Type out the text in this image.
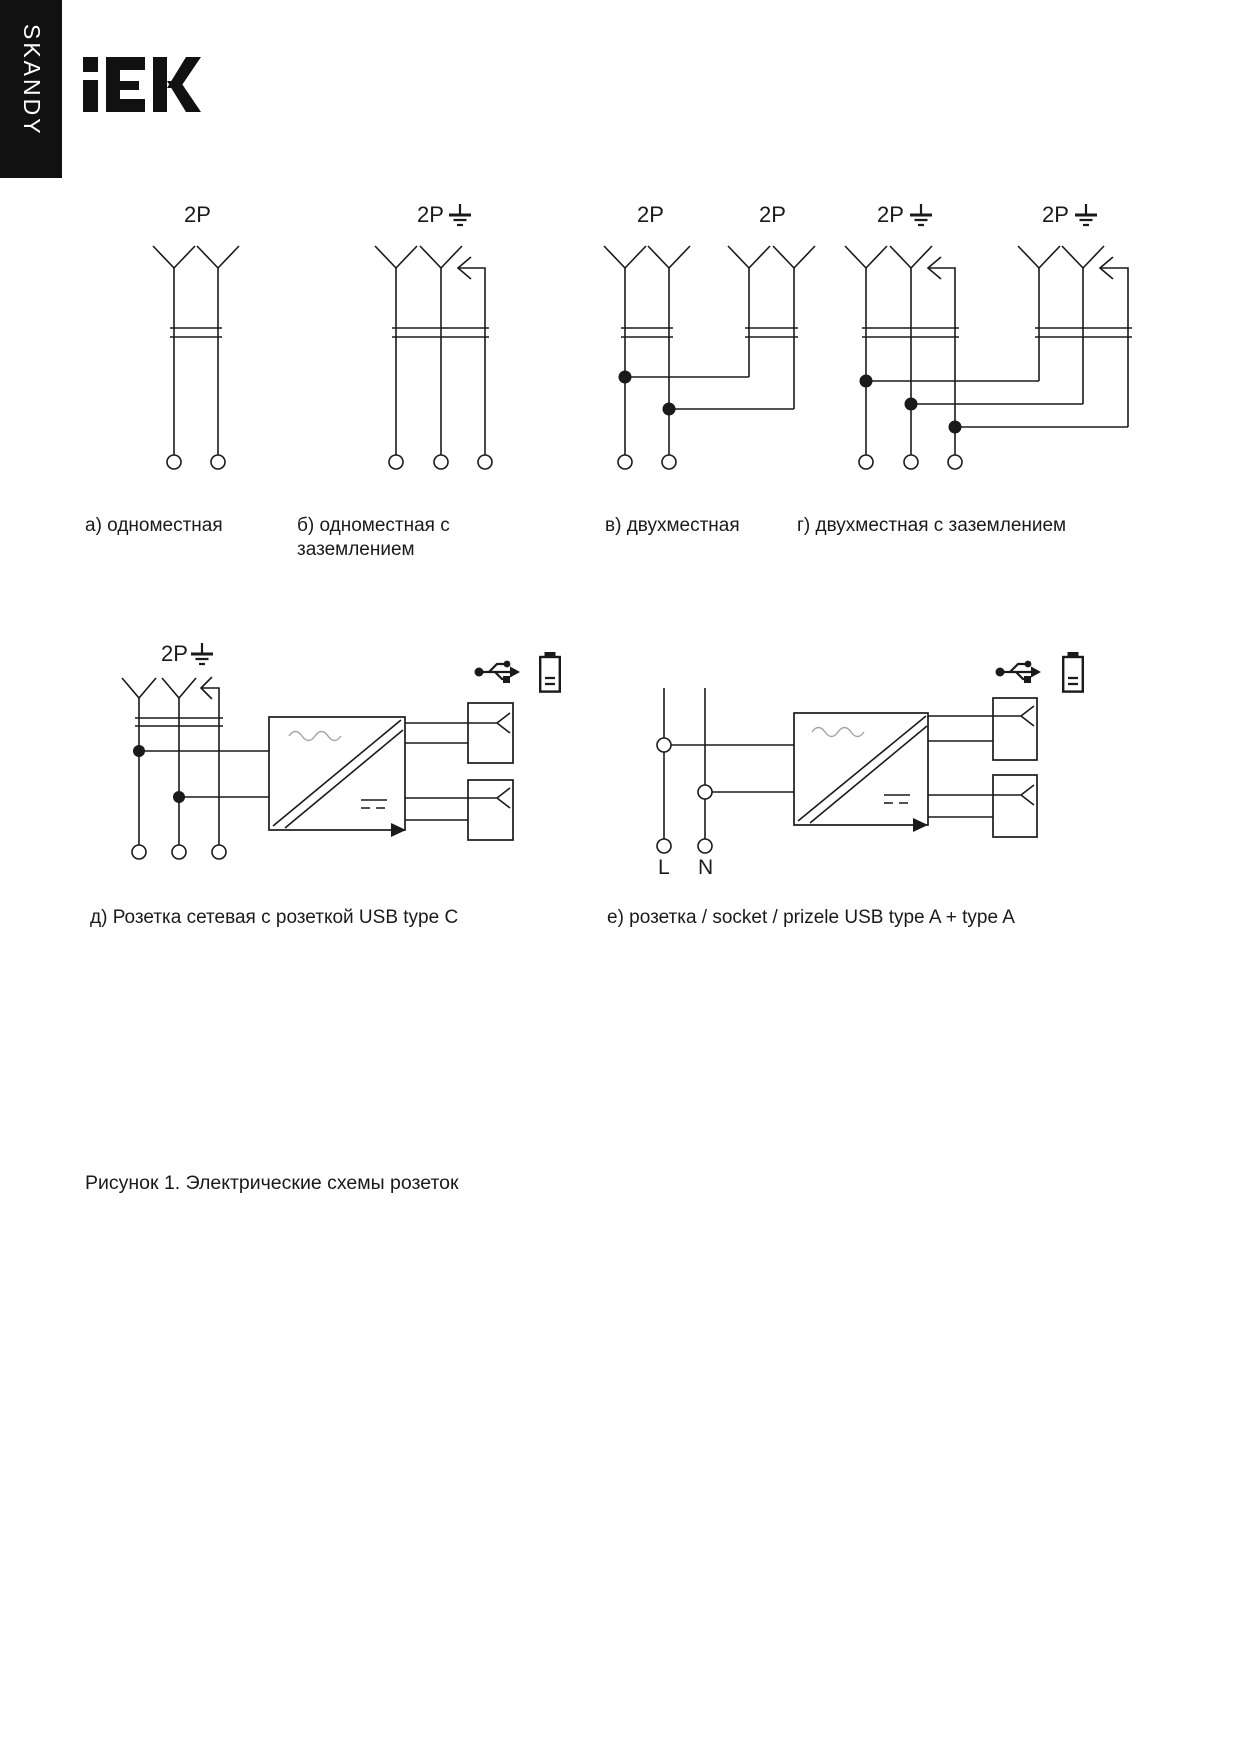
SKANDY
2P	2P	2P	2P	2P	2P
2P
L N
а) одноместная	б) одноместная с
заземлением
в) двухместная	г) двухместная с заземлением
д) Розетка сетевая с розеткой USB type C	е) розетка / socket / prizele USB type A + type A
Рисунок 1. Электрические схемы розеток
